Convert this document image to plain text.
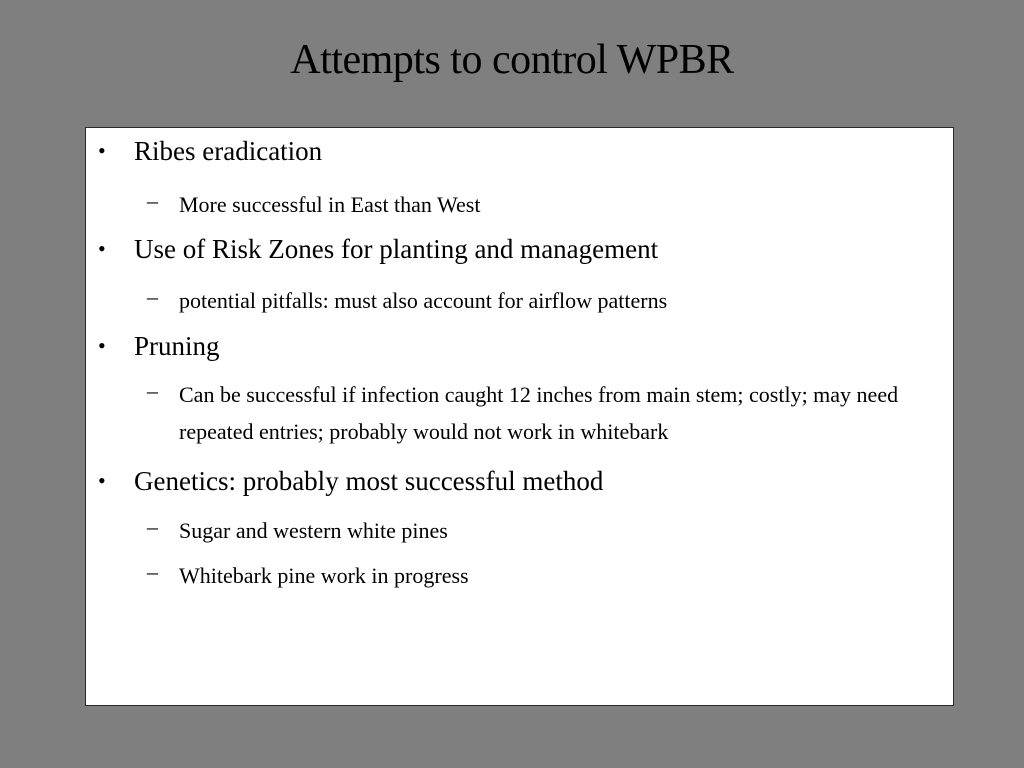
Attempts to control WPBR
•	Ribes eradication
– More successful in East than West
•	Use of Risk Zones for planting and management
– potential pitfalls: must also account for airflow patterns
•	Pruning
– Can be successful if infection caught 12 inches from main stem; costly; may need repeated entries; probably would not work in whitebark
•	Genetics: probably most successful method
– Sugar and western white pines
– Whitebark pine work in progress
